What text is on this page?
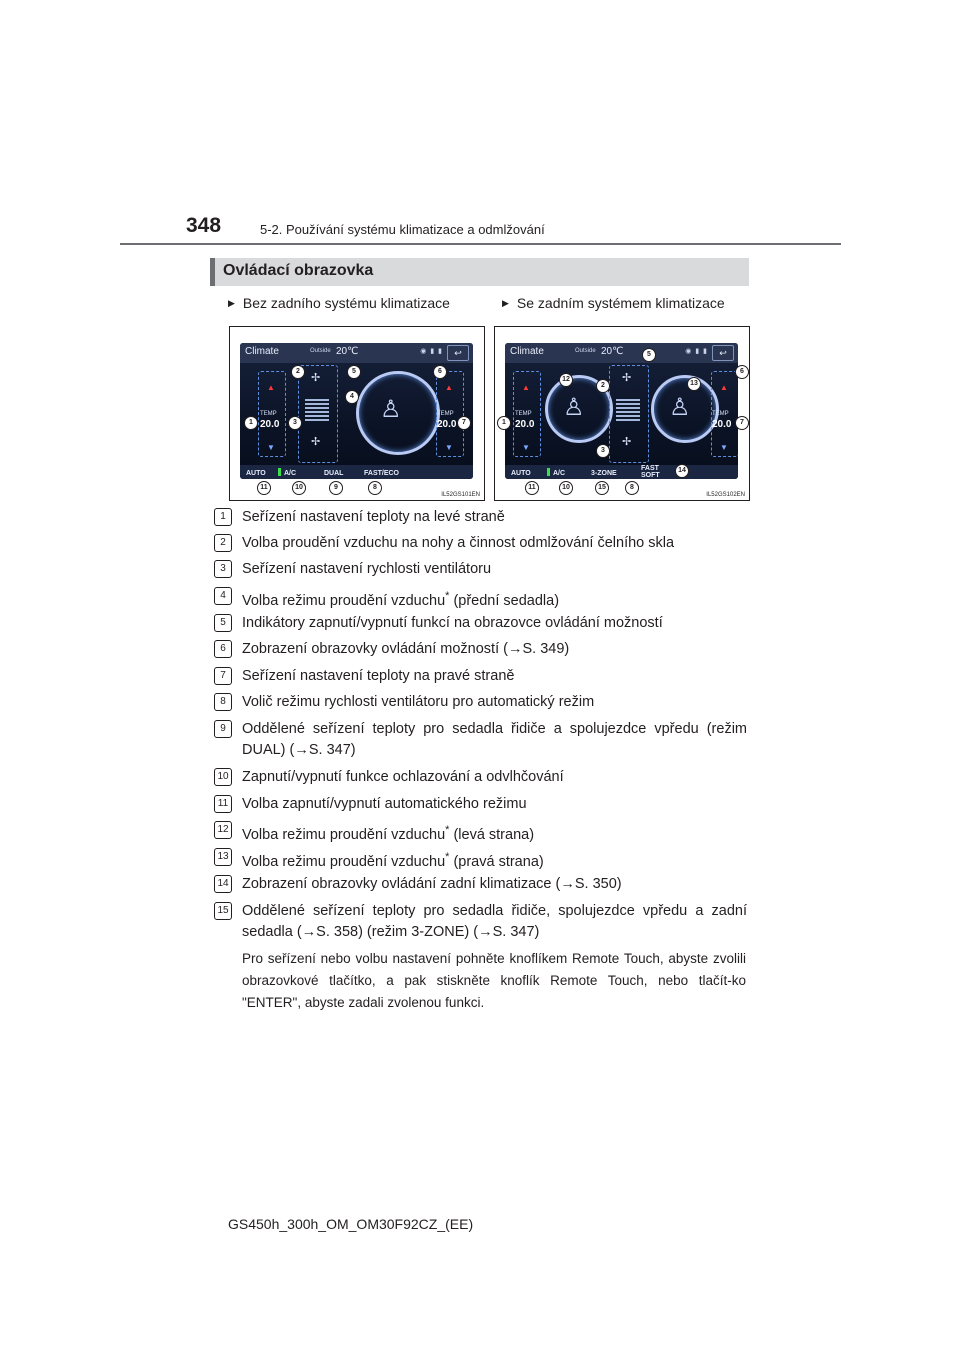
348	5-2. Používání systému klimatizace a odmlžování
Ovládací obrazovka
▶ Bez zadního systému klimatizace	▶ Se zadním systémem klimatizace
Climate	Outside 20℃	◉ ▮ ▮	↩
▲
TEMP
20.0
▼
✢
✢
♙
▲
TEMP
20.0
▼
AUTO	A/C	DUAL	FAST/ECO
IL52GS101EN
1
2
3
4
5	6
7
8
9
10
11
Climate	Outside 20℃	◉ ▮ ▮	↩
▲
TEMP
20.0
▼
♙
✢
✢
♙
▲
TEMP
20.0
▼
AUTO	A/C	3-ZONE
FAST
SOFT
IL52GS102EN
1
2
3
5
6
7
8
10
11
12
13
14
15
1	Seřízení nastavení teploty na levé straně
2	Volba proudění vzduchu na nohy a činnost odmlžování čelního skla
3	Seřízení nastavení rychlosti ventilátoru
4	Volba režimu proudění vzduchu* (přední sedadla)
5	Indikátory zapnutí/vypnutí funkcí na obrazovce ovládání možností
6	Zobrazení obrazovky ovládání možností (→S. 349)
7	Seřízení nastavení teploty na pravé straně
8	Volič režimu rychlosti ventilátoru pro automatický režim
9	Oddělené seřízení teploty pro sedadla řidiče a spolujezdce vpředu (režim DUAL) (→S. 347)
10 Zapnutí/vypnutí funkce ochlazování a odvlhčování
11 Volba zapnutí/vypnutí automatického režimu
12 Volba režimu proudění vzduchu* (levá strana)
13 Volba režimu proudění vzduchu* (pravá strana)
14 Zobrazení obrazovky ovládání zadní klimatizace (→S. 350)
15 Oddělené seřízení teploty pro sedadla řidiče, spolujezdce vpředu a zadní sedadla (→S. 358) (režim 3-ZONE) (→S. 347)
Pro seřízení nebo volbu nastavení pohněte knoflíkem Remote Touch, abyste zvolili obrazovkové tlačítko, a pak stiskněte knoflík Remote Touch, nebo tlačít-ko "ENTER", abyste zadali zvolenou funkci.
GS450h_300h_OM_OM30F92CZ_(EE)
